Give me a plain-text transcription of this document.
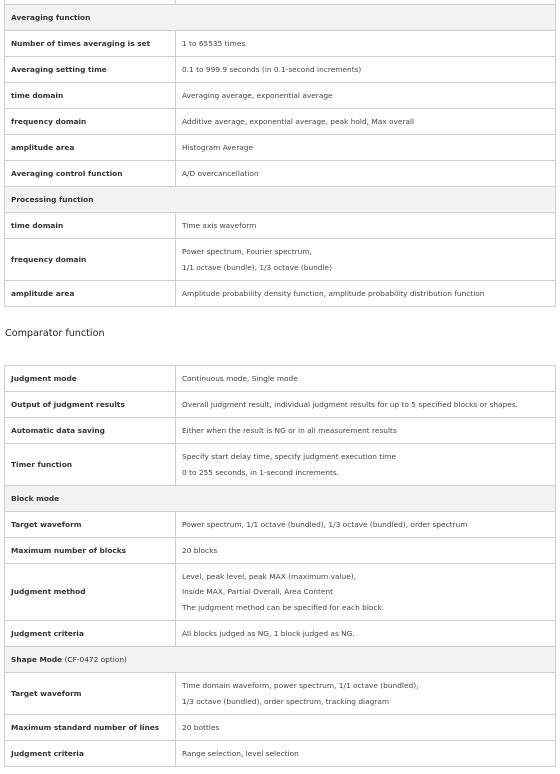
Averaging function	
Number of times averaging is set	1 to 65535 times

Averaging setting time	0.1 to 999.9 seconds (in 0.1-second increments)

time domain	Averaging average, exponential average

frequency domain	Additive average, exponential average, peak hold, Max overall

amplitude area	Histogram Average

Averaging control function	A/D overcancellation

Processing function	
time domain	Time axis waveform

frequency domain	Power spectrum, Fourier spectrum,
1/1 octave (bundle), 1/3 octave (bundle)

amplitude area	Amplitude probability density function, amplitude probability distribution function
Comparator function
Judgment mode	Continuous mode, Single mode

Output of judgment results	Overall judgment result, individual judgment results for up to 5 specified blocks or shapes.

Automatic data saving	Either when the result is NG or in all measurement results

Timer function	Specify start delay time, specify judgment execution time
0 to 255 seconds, in 1-second increments.

Block mode	
Target waveform	Power spectrum, 1/1 octave (bundled), 1/3 octave (bundled), order spectrum

Maximum number of blocks	20 blocks

Judgment method	Level, peak level, peak MAX (maximum value),
Inside MAX, Partial Overall, Area Content
The judgment method can be specified for each block.

Judgment criteria	All blocks judged as NG, 1 block judged as NG.

Shape Mode (CF-0472 option)	
Target waveform	Time domain waveform, power spectrum, 1/1 octave (bundled),
1/3 octave (bundled), order spectrum, tracking diagram

Maximum standard number of lines	20 bottles

Judgment criteria	Range selection, level selection
